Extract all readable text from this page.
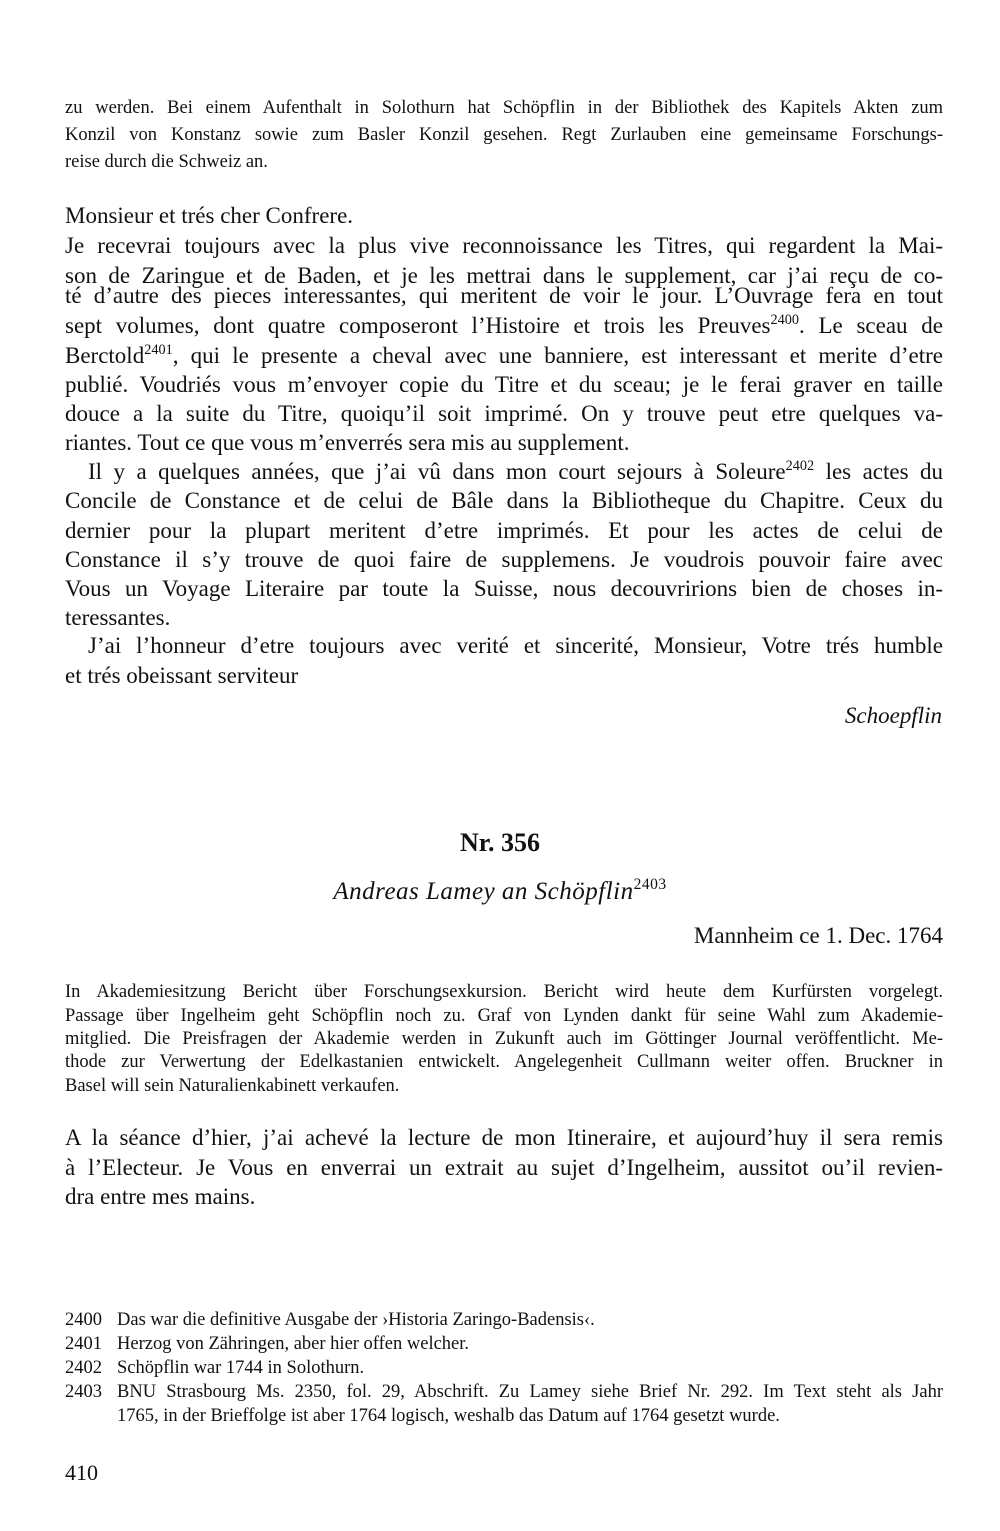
zu werden. Bei einem Aufenthalt in Solothurn hat Schöpflin in der Bibliothek des Kapitels Akten zum
Konzil von Konstanz sowie zum Basler Konzil gesehen. Regt Zurlauben eine gemeinsame Forschungs-
reise durch die Schweiz an.
Monsieur et trés cher Confrere.
Je recevrai toujours avec la plus vive reconnoissance les Titres, qui regardent la Mai-
son de Zaringue et de Baden, et je les mettrai dans le supplement, car j’ai reçu de co-
té d’autre des pieces interessantes, qui meritent de voir le jour. L’Ouvrage fera en tout
sept volumes, dont quatre composeront l’Histoire et trois les Preuves$^{2400}$. Le sceau de
Berctold$^{2401}$, qui le presente a cheval avec une banniere, est interessant et merite d’etre
publié. Voudriés vous m’envoyer copie du Titre et du sceau; je le ferai graver en taille
douce a la suite du Titre, quoiqu’il soit imprimé. On y trouve peut etre quelques va-
riantes. Tout ce que vous m’enverrés sera mis au supplement.
Il y a quelques années, que j’ai vû dans mon court sejours à Soleure$^{2402}$ les actes du
Concile de Constance et de celui de Bâle dans la Bibliotheque du Chapitre. Ceux du
dernier pour la plupart meritent d’etre imprimés. Et pour les actes de celui de
Constance il s’y trouve de quoi faire de supplemens. Je voudrois pouvoir faire avec
Vous un Voyage Literaire par toute la Suisse, nous decouvririons bien de choses in-
teressantes.
J’ai l’honneur d’etre toujours avec verité et sincerité, Monsieur, Votre trés humble
et trés obeissant serviteur
Schoepflin
Nr. 356
Andreas Lamey an Schöpflin$^{2403}$
Mannheim ce 1. Dec. 1764
In Akademiesitzung Bericht über Forschungsexkursion. Bericht wird heute dem Kurfürsten vorgelegt.
Passage über Ingelheim geht Schöpflin noch zu. Graf von Lynden dankt für seine Wahl zum Akademie-
mitglied. Die Preisfragen der Akademie werden in Zukunft auch im Göttinger Journal veröffentlicht. Me-
thode zur Verwertung der Edelkastanien entwickelt. Angelegenheit Cullmann weiter offen. Bruckner in
Basel will sein Naturalienkabinett verkaufen.
A la séance d’hier, j’ai achevé la lecture de mon Itineraire, et aujourd’huy il sera remis
à l’Electeur. Je Vous en enverrai un extrait au sujet d’Ingelheim, aussitot ou’il revien-
dra entre mes mains.
2400 Das war die definitive Ausgabe der ›Historia Zaringo-Badensis‹.
2401 Herzog von Zähringen, aber hier offen welcher.
2402 Schöpflin war 1744 in Solothurn.
2403 BNU Strasbourg Ms. 2350, fol. 29, Abschrift. Zu Lamey siehe Brief Nr. 292. Im Text steht als Jahr
1765, in der Brieffolge ist aber 1764 logisch, weshalb das Datum auf 1764 gesetzt wurde.
410
